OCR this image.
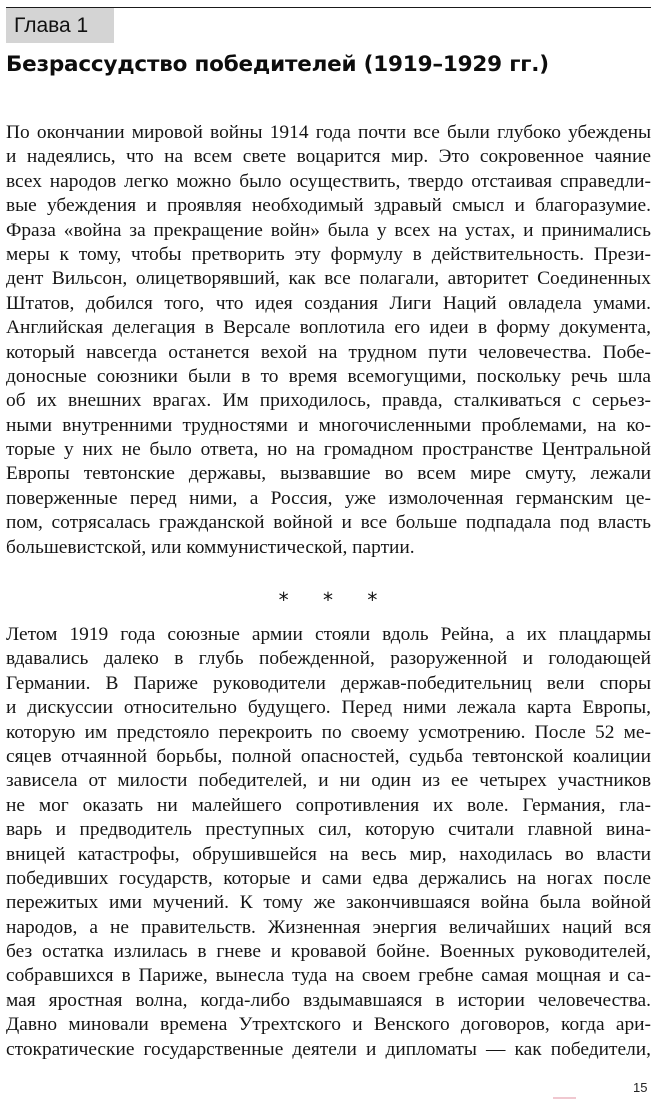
Глава 1
Безрассудство победителей (1919–1929 гг.)
По окончании мировой войны 1914 года почти все были глубоко убеждены
и надеялись, что на всем свете воцарится мир. Это сокровенное чаяние
всех народов легко можно было осуществить, твердо отстаивая справедли-
вые убеждения и проявляя необходимый здравый смысл и благоразумие.
Фраза «война за прекращение войн» была у всех на устах, и принимались
меры к тому, чтобы претворить эту формулу в действительность. Прези-
дент Вильсон, олицетворявший, как все полагали, авторитет Соединенных
Штатов, добился того, что идея создания Лиги Наций овладела умами.
Английская делегация в Версале воплотила его идеи в форму документа,
который навсегда останется вехой на трудном пути человечества. Побе-
доносные союзники были в то время всемогущими, поскольку речь шла
об их внешних врагах. Им приходилось, правда, сталкиваться с серьез-
ными внутренними трудностями и многочисленными проблемами, на ко-
торые у них не было ответа, но на громадном пространстве Центральной
Европы тевтонские державы, вызвавшие во всем мире смуту, лежали
поверженные перед ними, а Россия, уже измолоченная германским це-
пом, сотрясалась гражданской войной и все больше подпадала под власть
большевистской, или коммунистической, партии.
* * *
Летом 1919 года союзные армии стояли вдоль Рейна, а их плацдармы
вдавались далеко в глубь побежденной, разоруженной и голодающей
Германии. В Париже руководители держав-победительниц вели споры
и дискуссии относительно будущего. Перед ними лежала карта Европы,
которую им предстояло перекроить по своему усмотрению. После 52 ме-
сяцев отчаянной борьбы, полной опасностей, судьба тевтонской коалиции
зависела от милости победителей, и ни один из ее четырех участников
не мог оказать ни малейшего сопротивления их воле. Германия, гла-
варь и предводитель преступных сил, которую считали главной вина-
вницей катастрофы, обрушившейся на весь мир, находилась во власти
победивших государств, которые и сами едва держались на ногах после
пережитых ими мучений. К тому же закончившаяся война была войной
народов, а не правительств. Жизненная энергия величайших наций вся
без остатка излилась в гневе и кровавой бойне. Военных руководителей,
собравшихся в Париже, вынесла туда на своем гребне самая мощная и са-
мая яростная волна, когда-либо вздымавшаяся в истории человечества.
Давно миновали времена Утрехтского и Венского договоров, когда ари-
стократические государственные деятели и дипломаты — как победители,
15
